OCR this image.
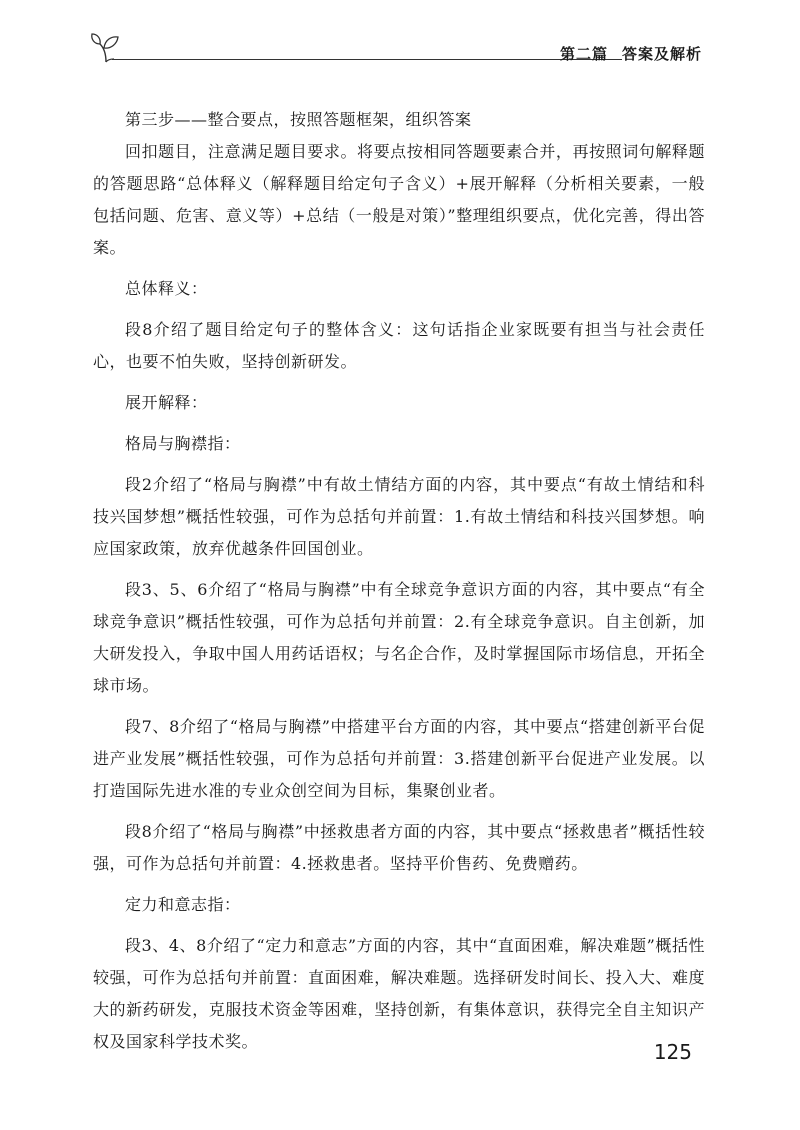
第二篇 答案及解析

第三步——整合要点，按照答题框架，组织答案

回扣题目，注意满足题目要求。将要点按相同答题要素合并，再按照词句解释题的答题思路“总体释义（解释题目给定句子含义）+展开解释（分析相关要素，一般包括问题、危害、意义等）+总结（一般是对策）”整理组织要点，优化完善，得出答案。

总体释义：

段8介绍了题目给定句子的整体含义：这句话指企业家既要有担当与社会责任心，也要不怕失败，坚持创新研发。

展开解释：

格局与胸襟指：

段2介绍了“格局与胸襟”中有故土情结方面的内容，其中要点“有故土情结和科技兴国梦想”概括性较强，可作为总括句并前置：1.有故土情结和科技兴国梦想。响应国家政策，放弃优越条件回国创业。

段3、5、6介绍了“格局与胸襟”中有全球竞争意识方面的内容，其中要点“有全球竞争意识”概括性较强，可作为总括句并前置：2.有全球竞争意识。自主创新，加大研发投入，争取中国人用药话语权；与名企合作，及时掌握国际市场信息，开拓全球市场。

段7、8介绍了“格局与胸襟”中搭建平台方面的内容，其中要点“搭建创新平台促进产业发展”概括性较强，可作为总括句并前置：3.搭建创新平台促进产业发展。以打造国际先进水准的专业众创空间为目标，集聚创业者。

段8介绍了“格局与胸襟”中拯救患者方面的内容，其中要点“拯救患者”概括性较强，可作为总括句并前置：4.拯救患者。坚持平价售药、免费赠药。

定力和意志指：

段3、4、8介绍了“定力和意志”方面的内容，其中“直面困难，解决难题”概括性较强，可作为总括句并前置：直面困难，解决难题。选择研发时间长、投入大、难度大的新药研发，克服技术资金等困难，坚持创新，有集体意识，获得完全自主知识产权及国家科学技术奖。	125
